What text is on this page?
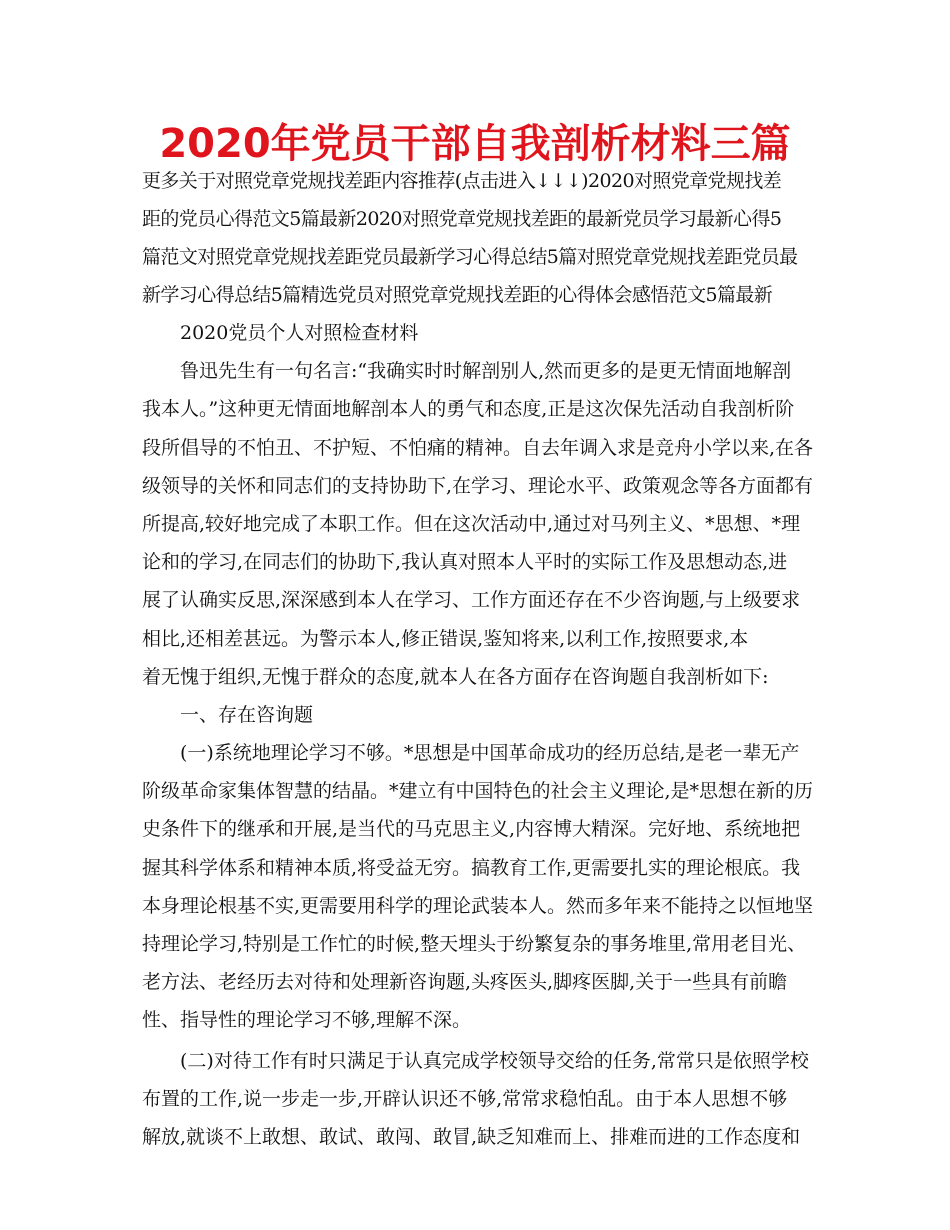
2020年党员干部自我剖析材料三篇
更多关于对照党章党规找差距内容推荐(点击进入↓↓↓)2020对照党章党规找差
距的党员心得范文5篇最新2020对照党章党规找差距的最新党员学习最新心得5
篇范文对照党章党规找差距党员最新学习心得总结5篇对照党章党规找差距党员最
新学习心得总结5篇精选党员对照党章党规找差距的心得体会感悟范文5篇最新
2020党员个人对照检查材料
鲁迅先生有一句名言:“我确实时时解剖别人,然而更多的是更无情面地解剖
我本人。”这种更无情面地解剖本人的勇气和态度,正是这次保先活动自我剖析阶
段所倡导的不怕丑、不护短、不怕痛的精神。自去年调入求是竞舟小学以来,在各
级领导的关怀和同志们的支持协助下,在学习、理论水平、政策观念等各方面都有
所提高,较好地完成了本职工作。但在这次活动中,通过对马列主义、*思想、*理
论和的学习,在同志们的协助下,我认真对照本人平时的实际工作及思想动态,进
展了认确实反思,深深感到本人在学习、工作方面还存在不少咨询题,与上级要求
相比,还相差甚远。为警示本人,修正错误,鉴知将来,以利工作,按照要求,本
着无愧于组织,无愧于群众的态度,就本人在各方面存在咨询题自我剖析如下:
一、存在咨询题
(一)系统地理论学习不够。*思想是中国革命成功的经历总结,是老一辈无产
阶级革命家集体智慧的结晶。*建立有中国特色的社会主义理论,是*思想在新的历
史条件下的继承和开展,是当代的马克思主义,内容博大精深。完好地、系统地把
握其科学体系和精神本质,将受益无穷。搞教育工作,更需要扎实的理论根底。我
本身理论根基不实,更需要用科学的理论武装本人。然而多年来不能持之以恒地坚
持理论学习,特别是工作忙的时候,整天埋头于纷繁复杂的事务堆里,常用老目光、
老方法、老经历去对待和处理新咨询题,头疼医头,脚疼医脚,关于一些具有前瞻
性、指导性的理论学习不够,理解不深。
(二)对待工作有时只满足于认真完成学校领导交给的任务,常常只是依照学校
布置的工作,说一步走一步,开辟认识还不够,常常求稳怕乱。由于本人思想不够
解放,就谈不上敢想、敢试、敢闯、敢冒,缺乏知难而上、排难而进的工作态度和
